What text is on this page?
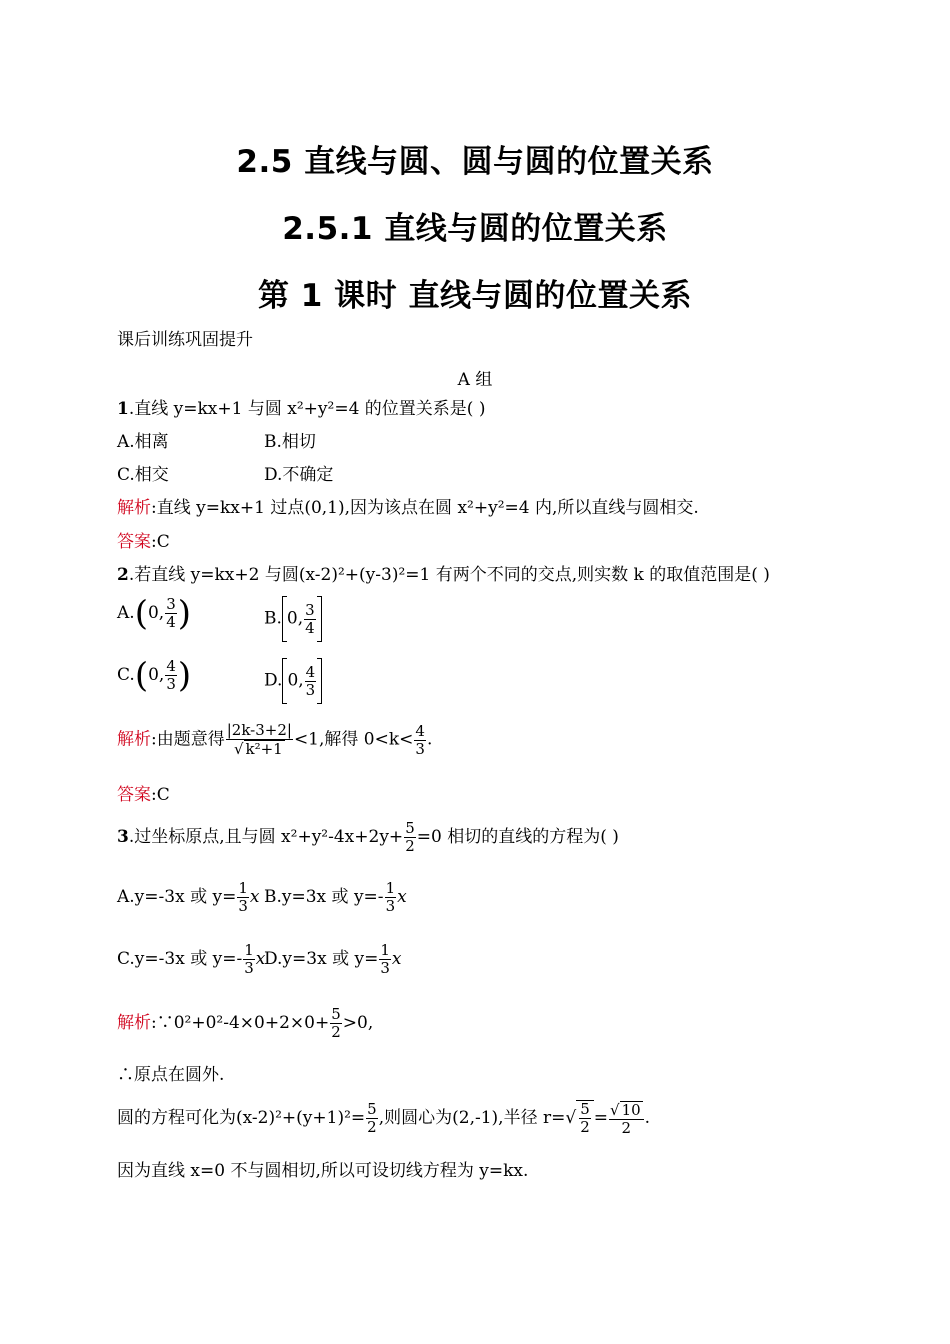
2.5 直线与圆、圆与圆的位置关系
2.5.1 直线与圆的位置关系
第 1 课时 直线与圆的位置关系
课后训练巩固提升
A 组
1.直线 y=kx+1 与圆 x²+y²=4 的位置关系是( )
A.相离	B.相切
C.相交	D.不确定
解析:直线 y=kx+1 过点(0,1),因为该点在圆 x²+y²=4 内,所以直线与圆相交.
答案:C
2.若直线 y=kx+2 与圆(x-2)²+(y-3)²=1 有两个不同的交点,则实数 k 的取值范围是( )
A.(0, $\frac{3}{4}$ )	B. 0, $\frac{3}{4}$
C.(0, $\frac{4}{3}$ )	D. 0, $\frac{4}{3}$
解析:由题意得 $\frac{|2k-3+2|}{\text{√ k²+1}} <1$,解得 $0<k< \frac{4}{3}$ .
答案:C
3.过坐标原点,且与圆 $x^2+y^2-4x+2y+ \frac{5}{2} =0$ 相切的直线的方程为( )
A.y=-3x 或 $y= \frac{1}{3}$ x B.y=3x 或 $y=- \frac{1}{3}$ x
C.y=-3x 或 $y=- \frac{1}{3}$ x
D.y=3x 或 $y= \frac{1}{3}$ x
解析:∵0²+0²-4×0+2×0+ $\frac{5}{2} >0$,
∴原点在圆外.
圆的方程可化为$(x-2)^2+(y+1)^2= \frac{5}{2}$ ,则圆心为(2,-1),半径 $r=√ \frac{5}{2} = \frac{√ 10}{2}$ .
因为直线 x=0 不与圆相切,所以可设切线方程为 y=kx.
